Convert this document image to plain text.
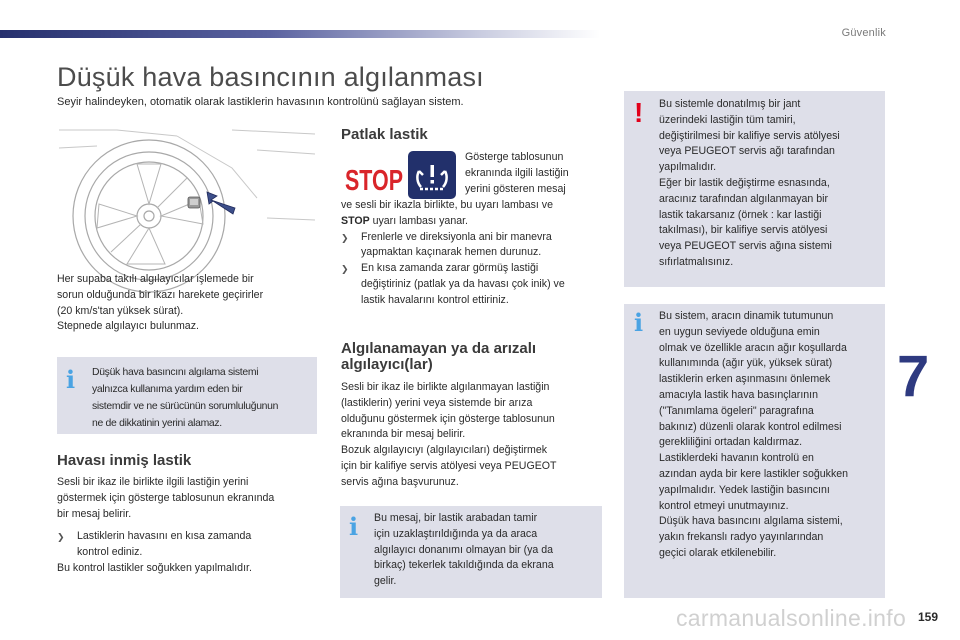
Güvenlik
Düşük hava basıncının algılanması
Seyir halindeyken, otomatik olarak lastiklerin havasının kontrolünü sağlayan sistem.
Her supaba takılı algılayıcılar işlemede bir
sorun olduğunda bir ikazı harekete geçirirler
(20 km/s'tan yüksek sürat).
Stepnede algılayıcı bulunmaz.
i Düşük hava basıncını algılama sistemi
yalnızca kullanıma yardım eden bir
sistemdir ve ne sürücünün sorumluluğunun
ne de dikkatinin yerini alamaz.
Havası inmiş lastik
Sesli bir ikaz ile birlikte ilgili lastiğin yerini
göstermek için gösterge tablosunun ekranında
bir mesaj belirir.
❯	Lastiklerin havasını en kısa zamanda
kontrol ediniz.
Bu kontrol lastikler soğukken yapılmalıdır.
Patlak lastik
STOP
Gösterge tablosunun
ekranında ilgili lastiğin
yerini gösteren mesaj
ve sesli bir ikazla birlikte, bu uyarı lambası ve
STOP uyarı lambası yanar.
❯	Frenlerle ve direksiyonla ani bir manevra
yapmaktan kaçınarak hemen durunuz.
❯	En kısa zamanda zarar görmüş lastiği
değiştiriniz (patlak ya da havası çok inik) ve
lastik havalarını kontrol ettiriniz.
Algılanamayan ya da arızalı
algılayıcı(lar)
Sesli bir ikaz ile birlikte algılanmayan lastiğin
(lastiklerin) yerini veya sistemde bir arıza
olduğunu göstermek için gösterge tablosunun
ekranında bir mesaj belirir.
Bozuk algılayıcıyı (algılayıcıları) değiştirmek
için bir kalifiye servis atölyesi veya PEUGEOT
servis ağına başvurunuz.
i Bu mesaj, bir lastik arabadan tamir
için uzaklaştırıldığında ya da araca
algılayıcı donanımı olmayan bir (ya da
birkaç) tekerlek takıldığında da ekrana
gelir.
! Bu sistemle donatılmış bir jant
üzerindeki lastiğin tüm tamiri,
değiştirilmesi bir kalifiye servis atölyesi
veya PEUGEOT servis ağı tarafından
yapılmalıdır.
Eğer bir lastik değiştirme esnasında,
aracınız tarafından algılanmayan bir
lastik takarsanız (örnek : kar lastiği
takılması), bir kalifiye servis atölyesi
veya PEUGEOT servis ağına sistemi
sıfırlatmalısınız.
i Bu sistem, aracın dinamik tutumunun
en uygun seviyede olduğuna emin
olmak ve özellikle aracın ağır koşullarda
kullanımında (ağır yük, yüksek sürat)
lastiklerin erken aşınmasını önlemek
amacıyla lastik hava basınçlarının
("Tanımlama ögeleri" paragrafına
bakınız) düzenli olarak kontrol edilmesi
gerekliliğini ortadan kaldırmaz.
Lastiklerdeki havanın kontrolü en
azından ayda bir kere lastikler soğukken
yapılmalıdır. Yedek lastiğin basıncını
kontrol etmeyi unutmayınız.
Düşük hava basıncını algılama sistemi,
yakın frekanslı radyo yayınlarından
geçici olarak etkilenebilir.
7
carmanualsonline.info 159
